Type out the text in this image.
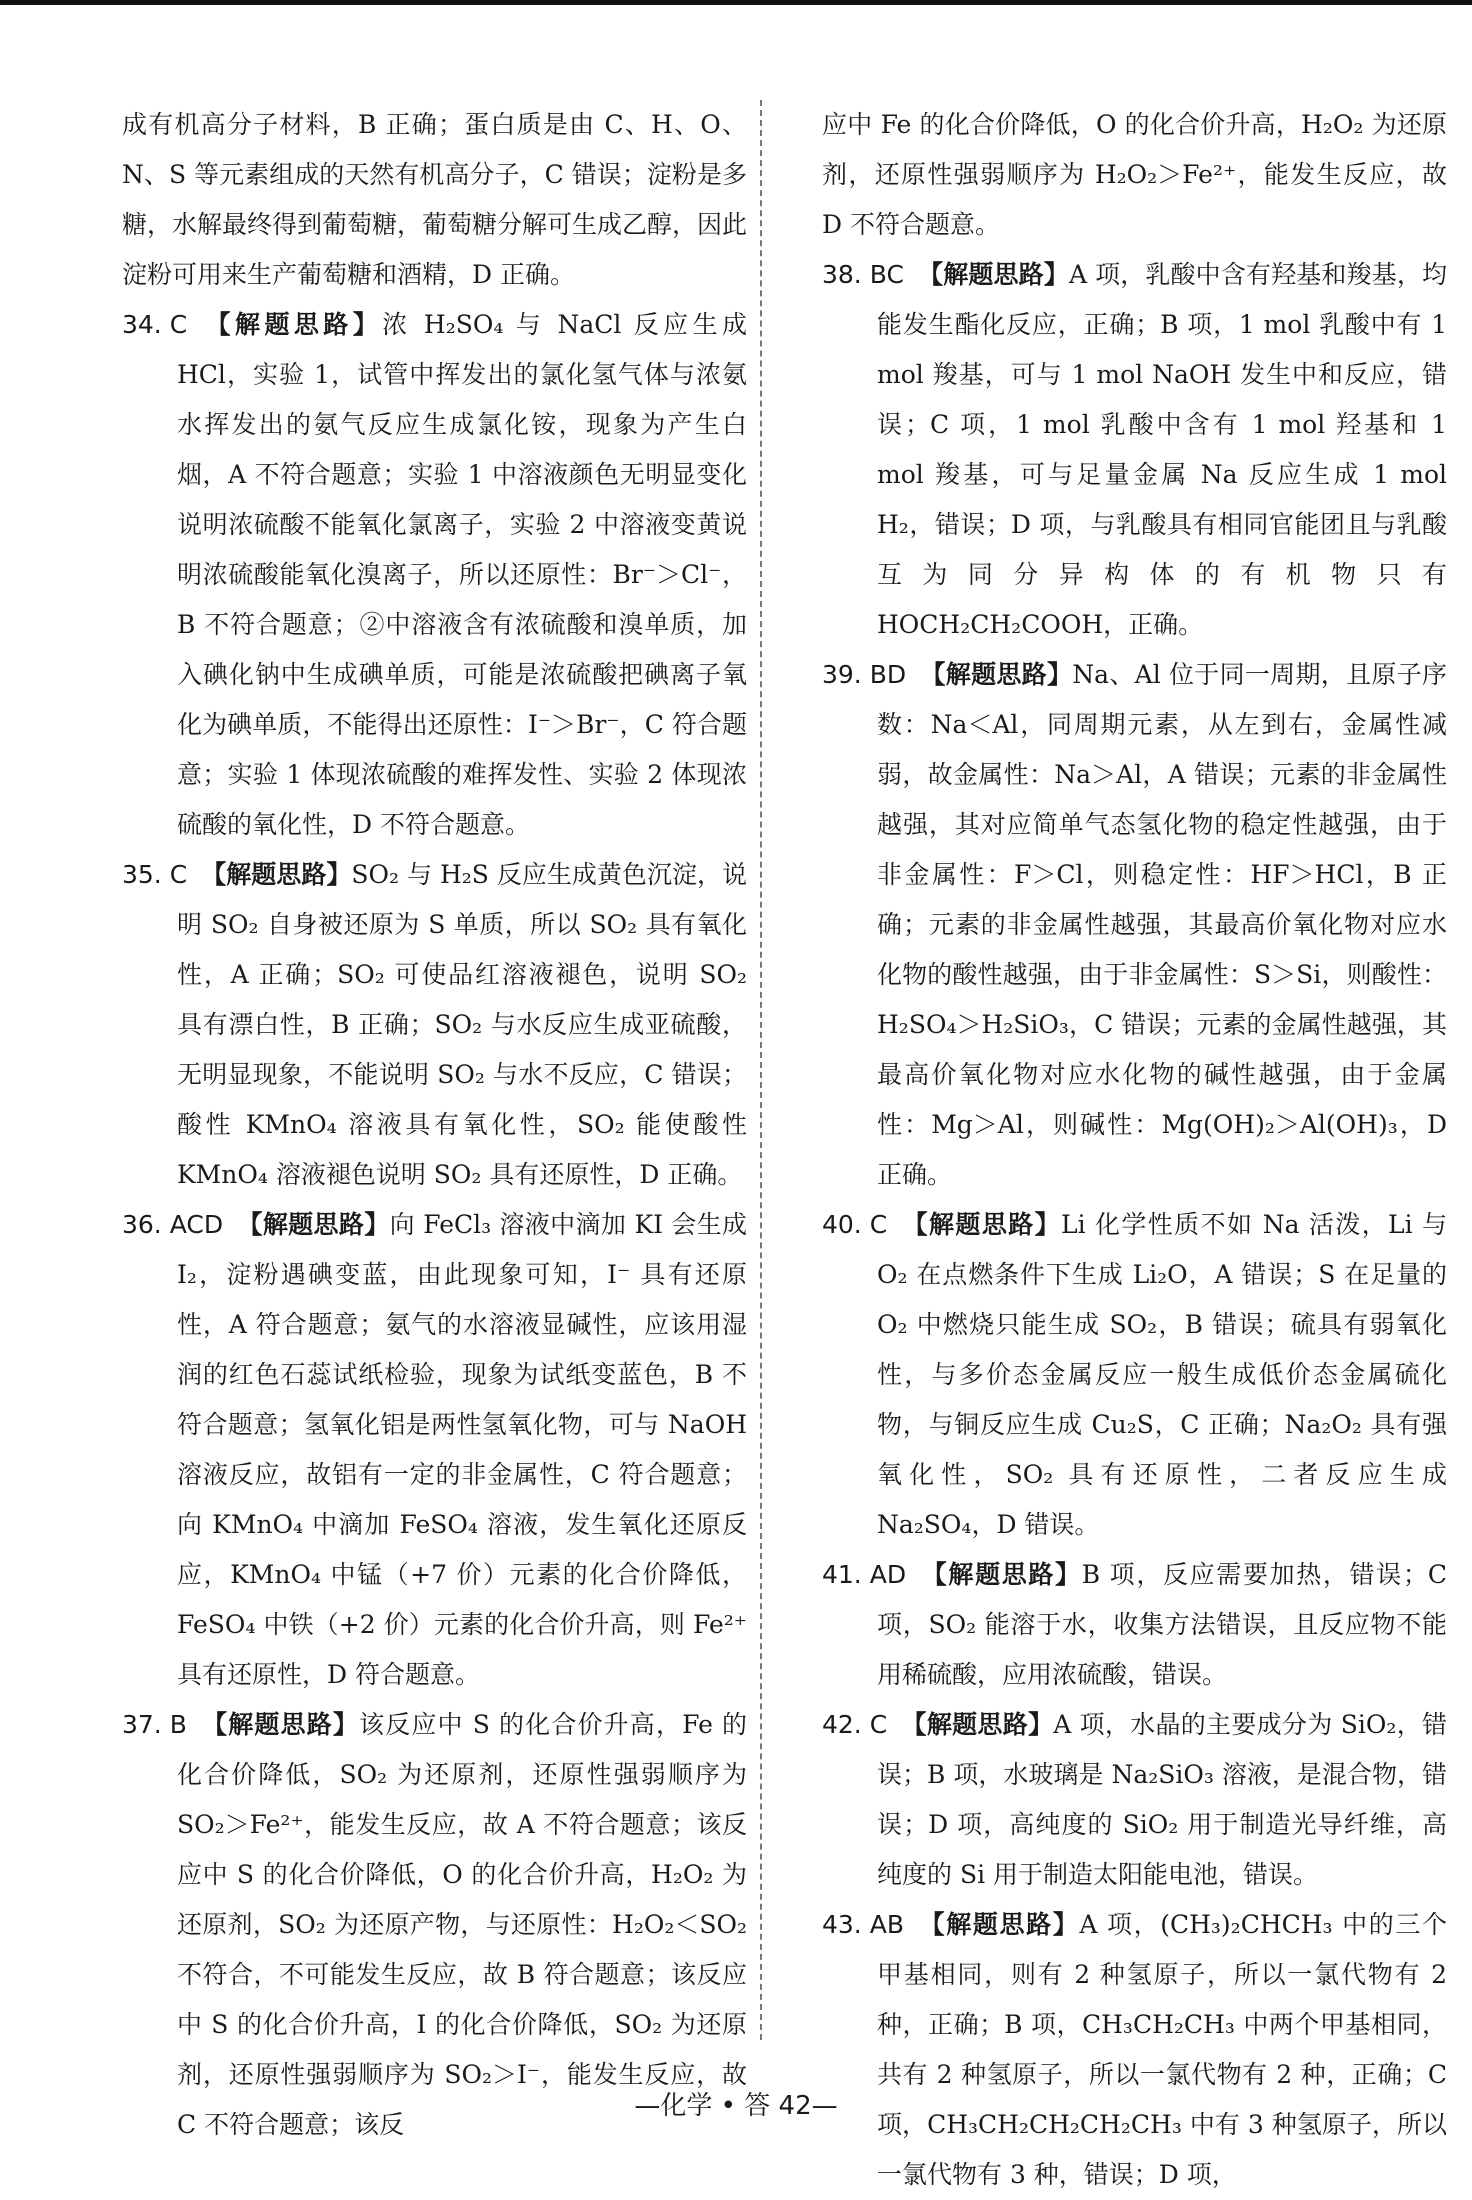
成有机高分子材料，B 正确；蛋白质是由 C、H、O、N、S 等元素组成的天然有机高分子，C 错误；淀粉是多糖，水解最终得到葡萄糖，葡萄糖分解可生成乙醇，因此淀粉可用来生产葡萄糖和酒精，D 正确。

34. C 【解题思路】浓 H₂SO₄ 与 NaCl 反应生成 HCl，实验 1，试管中挥发出的氯化氢气体与浓氨水挥发出的氨气反应生成氯化铵，现象为产生白烟，A 不符合题意；实验 1 中溶液颜色无明显变化说明浓硫酸不能氧化氯离子，实验 2 中溶液变黄说明浓硫酸能氧化溴离子，所以还原性：Br⁻＞Cl⁻，B 不符合题意；②中溶液含有浓硫酸和溴单质，加入碘化钠中生成碘单质，可能是浓硫酸把碘离子氧化为碘单质，不能得出还原性：I⁻＞Br⁻，C 符合题意；实验 1 体现浓硫酸的难挥发性、实验 2 体现浓硫酸的氧化性，D 不符合题意。

35. C 【解题思路】SO₂ 与 H₂S 反应生成黄色沉淀，说明 SO₂ 自身被还原为 S 单质，所以 SO₂ 具有氧化性，A 正确；SO₂ 可使品红溶液褪色，说明 SO₂ 具有漂白性，B 正确；SO₂ 与水反应生成亚硫酸，无明显现象，不能说明 SO₂ 与水不反应，C 错误；酸性 KMnO₄ 溶液具有氧化性，SO₂ 能使酸性 KMnO₄ 溶液褪色说明 SO₂ 具有还原性，D 正确。

36. ACD 【解题思路】向 FeCl₃ 溶液中滴加 KI 会生成 I₂，淀粉遇碘变蓝，由此现象可知，I⁻ 具有还原性，A 符合题意；氨气的水溶液显碱性，应该用湿润的红色石蕊试纸检验，现象为试纸变蓝色，B 不符合题意；氢氧化铝是两性氢氧化物，可与 NaOH 溶液反应，故铝有一定的非金属性，C 符合题意；向 KMnO₄ 中滴加 FeSO₄ 溶液，发生氧化还原反应，KMnO₄ 中锰（+7 价）元素的化合价降低，FeSO₄ 中铁（+2 价）元素的化合价升高，则 Fe²⁺ 具有还原性，D 符合题意。

37. B 【解题思路】该反应中 S 的化合价升高，Fe 的化合价降低，SO₂ 为还原剂，还原性强弱顺序为 SO₂＞Fe²⁺，能发生反应，故 A 不符合题意；该反应中 S 的化合价降低，O 的化合价升高，H₂O₂ 为还原剂，SO₂ 为还原产物，与还原性：H₂O₂＜SO₂ 不符合，不可能发生反应，故 B 符合题意；该反应中 S 的化合价升高，I 的化合价降低，SO₂ 为还原剂，还原性强弱顺序为 SO₂＞I⁻，能发生反应，故 C 不符合题意；该反

应中 Fe 的化合价降低，O 的化合价升高，H₂O₂ 为还原剂，还原性强弱顺序为 H₂O₂＞Fe²⁺，能发生反应，故 D 不符合题意。

38. BC 【解题思路】A 项，乳酸中含有羟基和羧基，均能发生酯化反应，正确；B 项，1 mol 乳酸中有 1 mol 羧基，可与 1 mol NaOH 发生中和反应，错误；C 项，1 mol 乳酸中含有 1 mol 羟基和 1 mol 羧基，可与足量金属 Na 反应生成 1 mol H₂，错误；D 项，与乳酸具有相同官能团且与乳酸互为同分异构体的有机物只有 HOCH₂CH₂COOH，正确。

39. BD 【解题思路】Na、Al 位于同一周期，且原子序数：Na＜Al，同周期元素，从左到右，金属性减弱，故金属性：Na＞Al，A 错误；元素的非金属性越强，其对应简单气态氢化物的稳定性越强，由于非金属性：F＞Cl，则稳定性：HF＞HCl，B 正确；元素的非金属性越强，其最高价氧化物对应水化物的酸性越强，由于非金属性：S＞Si，则酸性：H₂SO₄＞H₂SiO₃，C 错误；元素的金属性越强，其最高价氧化物对应水化物的碱性越强，由于金属性：Mg＞Al，则碱性：Mg(OH)₂＞Al(OH)₃，D 正确。

40. C 【解题思路】Li 化学性质不如 Na 活泼，Li 与 O₂ 在点燃条件下生成 Li₂O，A 错误；S 在足量的 O₂ 中燃烧只能生成 SO₂，B 错误；硫具有弱氧化性，与多价态金属反应一般生成低价态金属硫化物，与铜反应生成 Cu₂S，C 正确；Na₂O₂ 具有强氧化性，SO₂ 具有还原性，二者反应生成 Na₂SO₄，D 错误。

41. AD 【解题思路】B 项，反应需要加热，错误；C 项，SO₂ 能溶于水，收集方法错误，且反应物不能用稀硫酸，应用浓硫酸，错误。

42. C 【解题思路】A 项，水晶的主要成分为 SiO₂，错误；B 项，水玻璃是 Na₂SiO₃ 溶液，是混合物，错误；D 项，高纯度的 SiO₂ 用于制造光导纤维，高纯度的 Si 用于制造太阳能电池，错误。

43. AB 【解题思路】A 项，(CH₃)₂CHCH₃ 中的三个甲基相同，则有 2 种氢原子，所以一氯代物有 2 种，正确；B 项，CH₃CH₂CH₃ 中两个甲基相同，共有 2 种氢原子，所以一氯代物有 2 种，正确；C 项，CH₃CH₂CH₂CH₂CH₃ 中有 3 种氢原子，所以一氯代物有 3 种，错误；D 项，

—化学 • 答 42—
